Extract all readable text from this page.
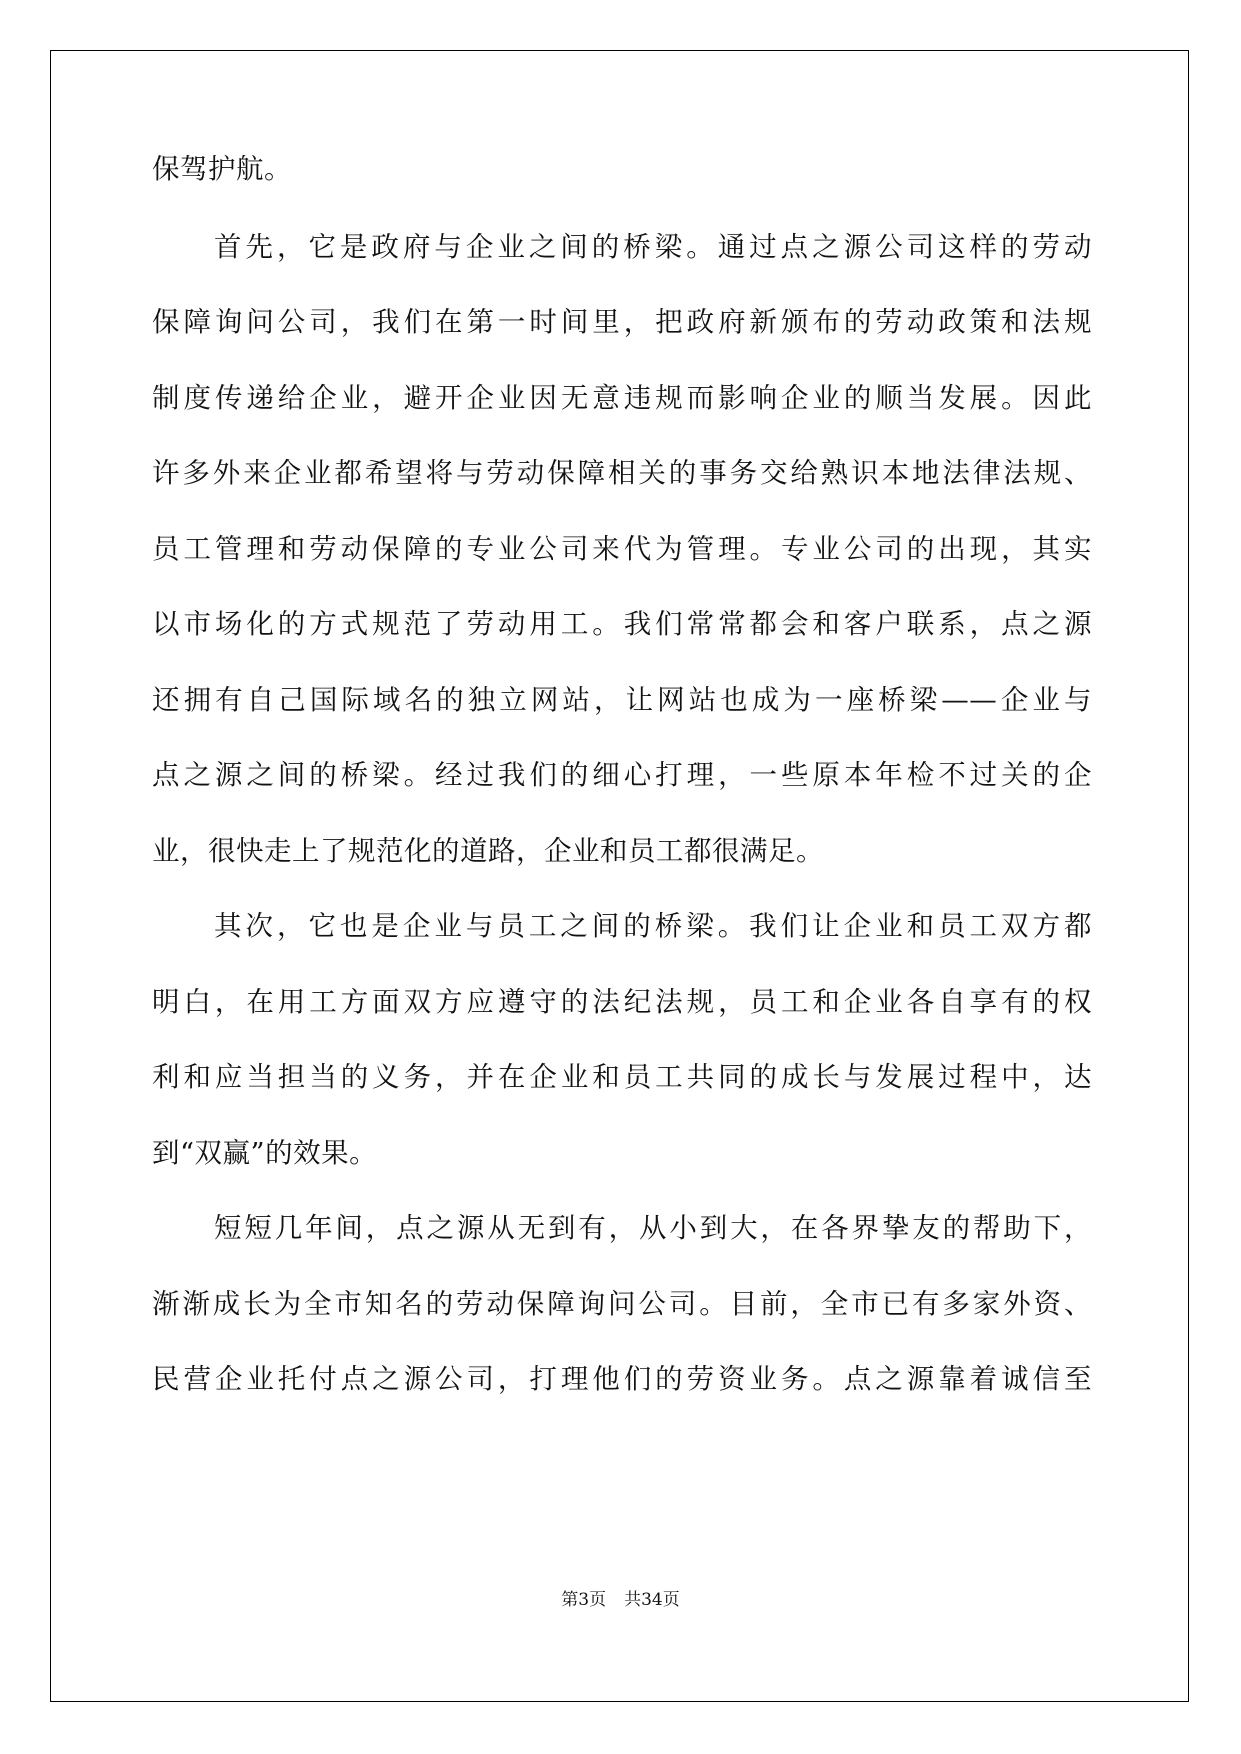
保驾护航。
首先，它是政府与企业之间的桥梁。通过点之源公司这样的劳动
保障询问公司，我们在第一时间里，把政府新颁布的劳动政策和法规
制度传递给企业，避开企业因无意违规而影响企业的顺当发展。因此
许多外来企业都希望将与劳动保障相关的事务交给熟识本地法律法规、
员工管理和劳动保障的专业公司来代为管理。专业公司的出现，其实
以市场化的方式规范了劳动用工。我们常常都会和客户联系，点之源
还拥有自己国际域名的独立网站，让网站也成为一座桥梁——企业与
点之源之间的桥梁。经过我们的细心打理，一些原本年检不过关的企
业，很快走上了规范化的道路，企业和员工都很满足。
其次，它也是企业与员工之间的桥梁。我们让企业和员工双方都
明白，在用工方面双方应遵守的法纪法规，员工和企业各自享有的权
利和应当担当的义务，并在企业和员工共同的成长与发展过程中，达
到“双赢”的效果。
短短几年间，点之源从无到有，从小到大，在各界挚友的帮助下，
渐渐成长为全市知名的劳动保障询问公司。目前，全市已有多家外资、
民营企业托付点之源公司，打理他们的劳资业务。点之源靠着诚信至
第3页 共34页
